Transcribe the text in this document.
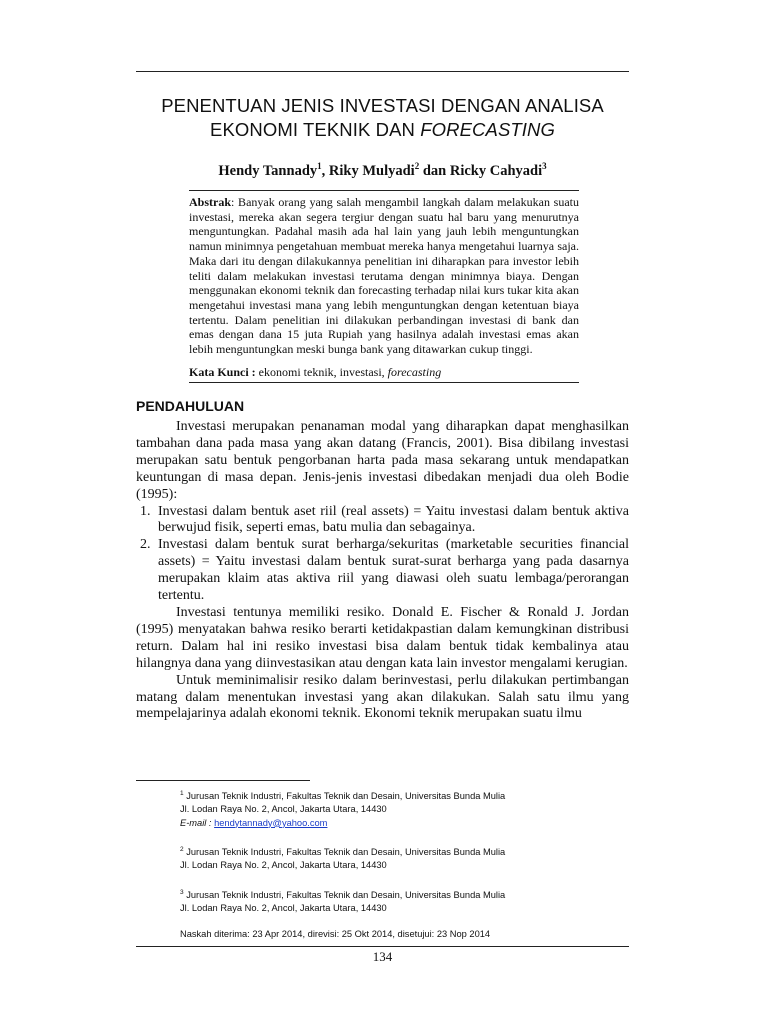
PENENTUAN JENIS INVESTASI DENGAN ANALISA
EKONOMI TEKNIK DAN FORECASTING
Hendy Tannady$^1$, Riky Mulyadi$^2$ dan Ricky Cahyadi$^3$
Abstrak: Banyak orang yang salah mengambil langkah dalam melakukan suatu investasi, mereka akan segera tergiur dengan suatu hal baru yang menurutnya menguntungkan. Padahal masih ada hal lain yang jauh lebih menguntungkan namun minimnya pengetahuan membuat mereka hanya mengetahui luarnya saja. Maka dari itu dengan dilakukannya penelitian ini diharapkan para investor lebih teliti dalam melakukan investasi terutama dengan minimnya biaya. Dengan menggunakan ekonomi teknik dan forecasting terhadap nilai kurs tukar kita akan mengetahui investasi mana yang lebih menguntungkan dengan ketentuan biaya tertentu. Dalam penelitian ini dilakukan perbandingan investasi di bank dan emas dengan dana 15 juta Rupiah yang hasilnya adalah investasi emas akan lebih menguntungkan meski bunga bank yang ditawarkan cukup tinggi.
Kata Kunci : ekonomi teknik, investasi, forecasting
PENDAHULUAN

Investasi merupakan penanaman modal yang diharapkan dapat menghasilkan tambahan dana pada masa yang akan datang (Francis, 2001). Bisa dibilang investasi merupakan satu bentuk pengorbanan harta pada masa sekarang untuk mendapatkan keuntungan di masa depan. Jenis-jenis investasi dibedakan menjadi dua oleh Bodie (1995):

1. Investasi dalam bentuk aset riil (real assets) = Yaitu investasi dalam bentuk aktiva berwujud fisik, seperti emas, batu mulia dan sebagainya.
2. Investasi dalam bentuk surat berharga/sekuritas (marketable securities financial assets) = Yaitu investasi dalam bentuk surat-surat berharga yang pada dasarnya merupakan klaim atas aktiva riil yang diawasi oleh suatu lembaga/perorangan tertentu.

Investasi tentunya memiliki resiko. Donald E. Fischer & Ronald J. Jordan (1995) menyatakan bahwa resiko berarti ketidakpastian dalam kemungkinan distribusi return. Dalam hal ini resiko investasi bisa dalam bentuk tidak kembalinya atau hilangnya dana yang diinvestasikan atau dengan kata lain investor mengalami kerugian.

Untuk meminimalisir resiko dalam berinvestasi, perlu dilakukan pertimbangan matang dalam menentukan investasi yang akan dilakukan. Salah satu ilmu yang mempelajarinya adalah ekonomi teknik. Ekonomi teknik merupakan suatu ilmu

$^1$ Jurusan Teknik Industri, Fakultas Teknik dan Desain, Universitas Bunda Mulia
Jl. Lodan Raya No. 2, Ancol, Jakarta Utara, 14430
E-mail : hendytannady@yahoo.com
$^2$ Jurusan Teknik Industri, Fakultas Teknik dan Desain, Universitas Bunda Mulia
Jl. Lodan Raya No. 2, Ancol, Jakarta Utara, 14430
$^3$ Jurusan Teknik Industri, Fakultas Teknik dan Desain, Universitas Bunda Mulia
Jl. Lodan Raya No. 2, Ancol, Jakarta Utara, 14430
Naskah diterima: 23 Apr 2014, direvisi: 25 Okt 2014, disetujui: 23 Nop 2014
134
